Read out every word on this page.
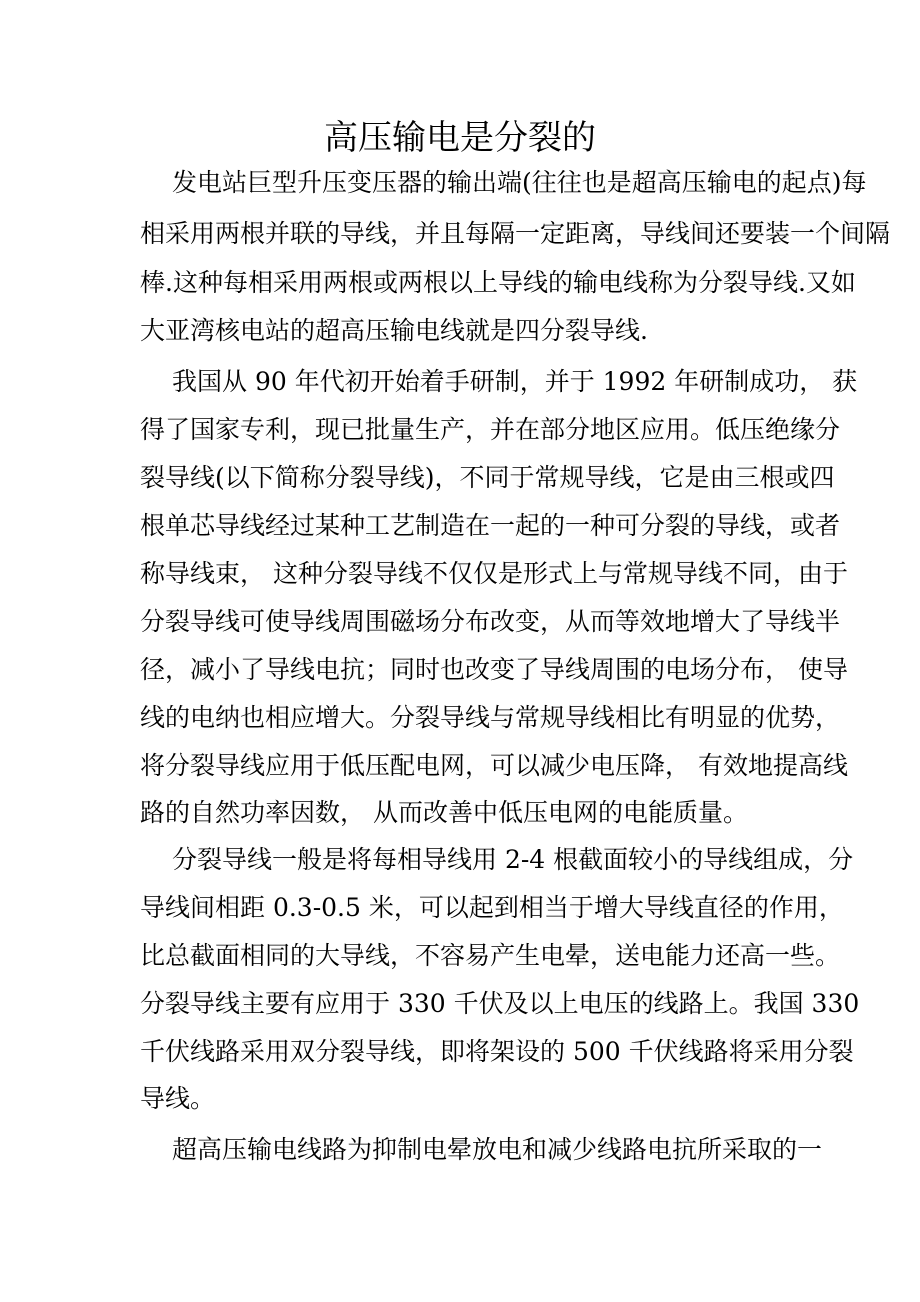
高压输电是分裂的
发电站巨型升压变压器的输出端(往往也是超高压输电的起点)每
相采用两根并联的导线，并且每隔一定距离，导线间还要装一个间隔
棒.这种每相采用两根或两根以上导线的输电线称为分裂导线.又如
大亚湾核电站的超高压输电线就是四分裂导线.
我国从 90 年代初开始着手研制，并于 1992 年研制成功， 获
得了国家专利，现已批量生产，并在部分地区应用。低压绝缘分
裂导线(以下简称分裂导线)，不同于常规导线，它是由三根或四
根单芯导线经过某种工艺制造在一起的一种可分裂的导线，或者
称导线束， 这种分裂导线不仅仅是形式上与常规导线不同，由于
分裂导线可使导线周围磁场分布改变，从而等效地增大了导线半
径，减小了导线电抗；同时也改变了导线周围的电场分布， 使导
线的电纳也相应增大。分裂导线与常规导线相比有明显的优势，
将分裂导线应用于低压配电网，可以减少电压降， 有效地提高线
路的自然功率因数， 从而改善中低压电网的电能质量。
分裂导线一般是将每相导线用 2-4 根截面较小的导线组成，分
导线间相距 0.3-0.5 米，可以起到相当于增大导线直径的作用，
比总截面相同的大导线，不容易产生电晕，送电能力还高一些。
分裂导线主要有应用于 330 千伏及以上电压的线路上。我国 330
千伏线路采用双分裂导线，即将架设的 500 千伏线路将采用分裂
导线。
超高压输电线路为抑制电晕放电和减少线路电抗所采取的一
